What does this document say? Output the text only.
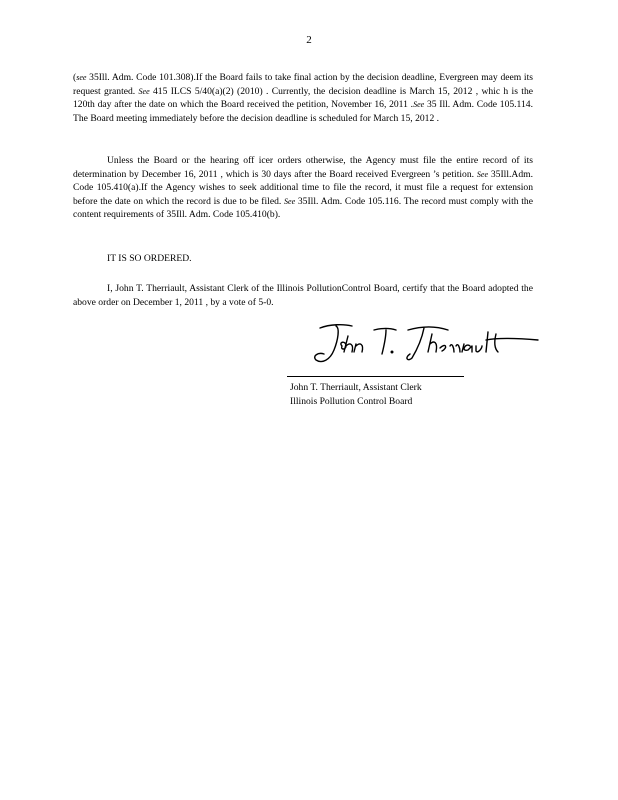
2

(see 35Ill. Adm. Code 101.308).If the Board fails to take final action by the decision deadline, Evergreen may deem its request granted. See 415 ILCS 5/40(a)(2) (2010) . Currently, the decision deadline is March 15, 2012 , whic h is the 120th day after the date on which the Board received the petition, November 16, 2011 .See 35 Ill. Adm. Code 105.114. The Board meeting immediately before the decision deadline is scheduled for March 15, 2012 .

Unless the Board or the hearing off icer orders otherwise, the Agency must file the entire record of its determination by December 16, 2011 , which is 30 days after the Board received Evergreen ’s petition. See 35Ill.Adm. Code 105.410(a).If the Agency wishes to seek additional time to file the record, it must file a request for extension before the date on which the record is due to be filed. See 35Ill. Adm. Code 105.116. The record must comply with the content requirements of 35Ill. Adm. Code 105.410(b).

IT IS SO ORDERED.

I, John T. Therriault, Assistant Clerk of the Illinois PollutionControl Board, certify that the Board adopted the above order on December 1, 2011 , by a vote of 5-0.

John T. Therriault, Assistant Clerk
Illinois Pollution Control Board
